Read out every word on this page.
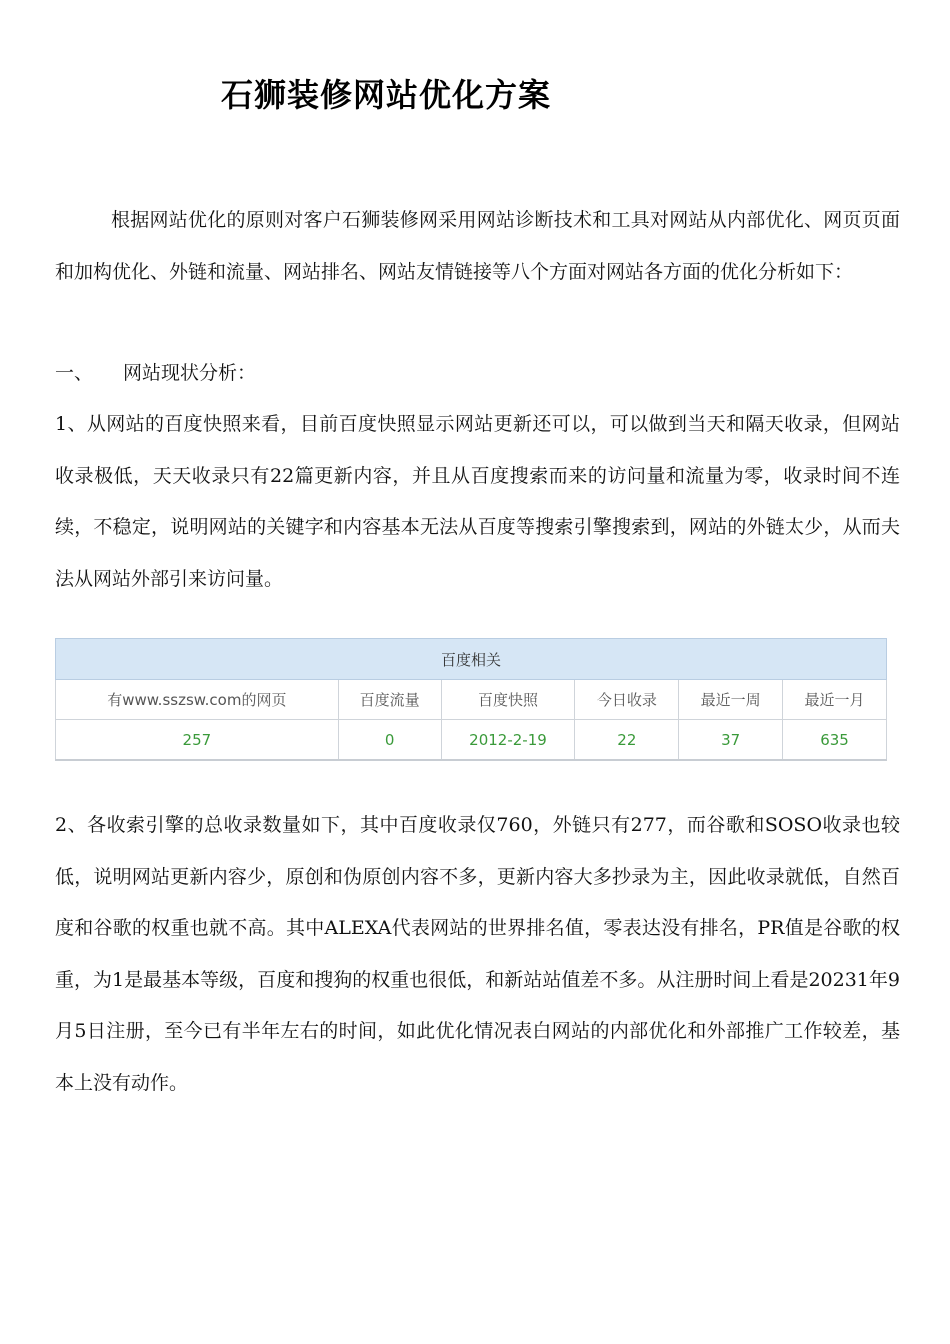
石狮装修网站优化方案

根据网站优化的原则对客户石狮装修网采用网站诊断技术和工具对网站从内部优化、网页页面和加构优化、外链和流量、网站排名、网站友情链接等八个方面对网站各方面的优化分析如下：

一、 网站现状分析：

1、从网站的百度快照来看，目前百度快照显示网站更新还可以，可以做到当天和隔天收录，但网站收录极低，天天收录只有22篇更新内容，并且从百度搜索而来的访问量和流量为零，收录时间不连续，不稳定，说明网站的关键字和内容基本无法从百度等搜索引擎搜索到，网站的外链太少，从而夫法从网站外部引来访问量。

百度相关					
有www.sszsw.com的网页	百度流量	百度快照	今日收录	最近一周	最近一月
257	0	2012-2-19	22	37	635

2、各收索引擎的总收录数量如下，其中百度收录仅760，外链只有277，而谷歌和SOSO收录也较低，说明网站更新内容少，原创和伪原创内容不多，更新内容大多抄录为主，因此收录就低，自然百度和谷歌的权重也就不高。其中ALEXA代表网站的世界排名值，零表达没有排名，PR值是谷歌的权重，为1是最基本等级，百度和搜狗的权重也很低，和新站站值差不多。从注册时间上看是20231年9月5日注册，至今已有半年左右的时间，如此优化情况表白网站的内部优化和外部推广工作较差，基本上没有动作。
